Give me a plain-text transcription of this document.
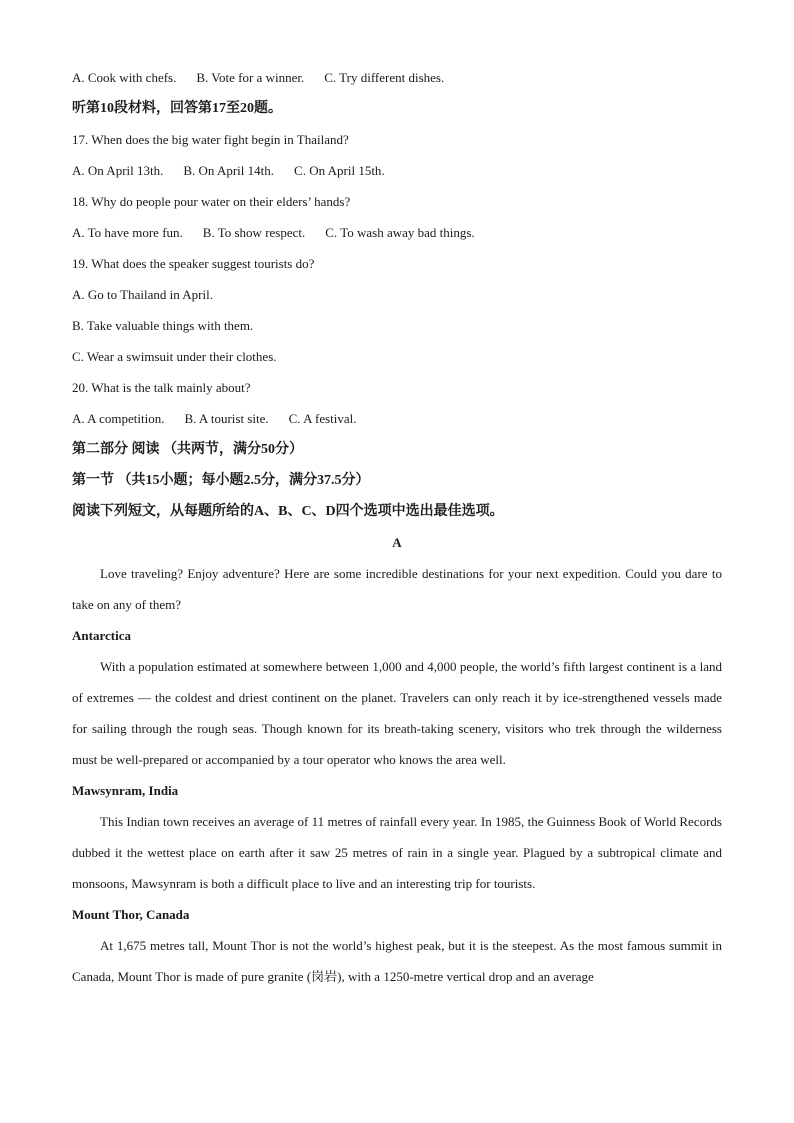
A. Cook with chefs. B. Vote for a winner. C. Try different dishes.
听第10段材料，回答第17至20题。
17. When does the big water fight begin in Thailand?
A. On April 13th. B. On April 14th. C. On April 15th.
18. Why do people pour water on their elders’ hands?
A. To have more fun. B. To show respect. C. To wash away bad things.
19. What does the speaker suggest tourists do?
A. Go to Thailand in April.
B. Take valuable things with them.
C. Wear a swimsuit under their clothes.
20. What is the talk mainly about?
A. A competition. B. A tourist site. C. A festival.
第二部分 阅读 （共两节，满分50分）
第一节 （共15小题；每小题2.5分，满分37.5分）
阅读下列短文，从每题所给的A、B、C、D四个选项中选出最佳选项。
A
Love traveling? Enjoy adventure? Here are some incredible destinations for your next expedition. Could you dare to take on any of them?
Antarctica
With a population estimated at somewhere between 1,000 and 4,000 people, the world’s fifth largest continent is a land of extremes — the coldest and driest continent on the planet. Travelers can only reach it by ice-strengthened vessels made for sailing through the rough seas. Though known for its breath-taking scenery, visitors who trek through the wilderness must be well-prepared or accompanied by a tour operator who knows the area well.
Mawsynram, India
This Indian town receives an average of 11 metres of rainfall every year. In 1985, the Guinness Book of World Records dubbed it the wettest place on earth after it saw 25 metres of rain in a single year. Plagued by a subtropical climate and monsoons, Mawsynram is both a difficult place to live and an interesting trip for tourists.
Mount Thor, Canada
At 1,675 metres tall, Mount Thor is not the world’s highest peak, but it is the steepest. As the most famous summit in Canada, Mount Thor is made of pure granite (岗岩), with a 1250-metre vertical drop and an average
